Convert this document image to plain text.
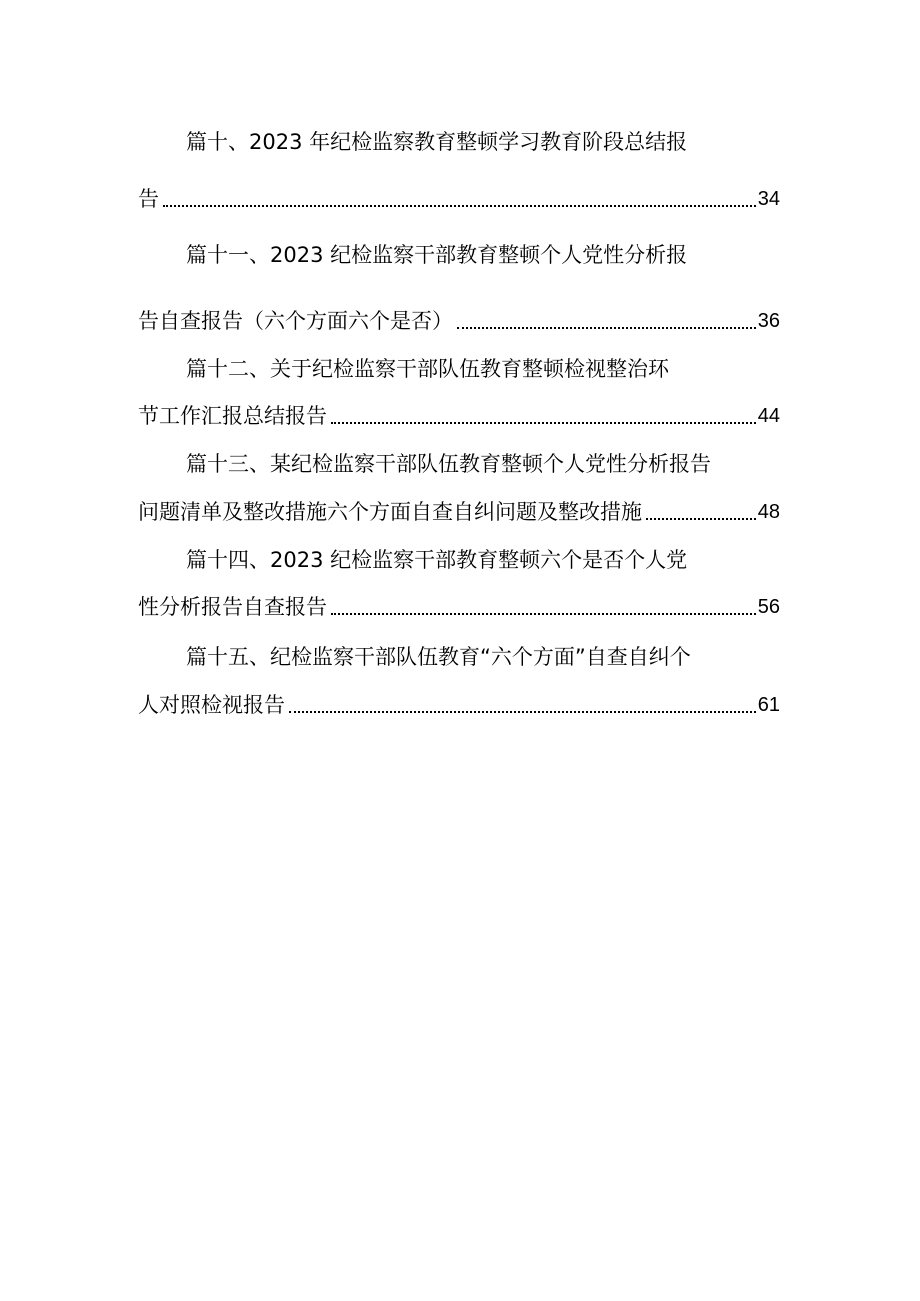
篇十、2023 年纪检监察教育整顿学习教育阶段总结报
告	34
篇十一、2023 纪检监察干部教育整顿个人党性分析报
告自查报告（六个方面六个是否）	36
篇十二、关于纪检监察干部队伍教育整顿检视整治环
节工作汇报总结报告	44
篇十三、某纪检监察干部队伍教育整顿个人党性分析报告
问题清单及整改措施六个方面自查自纠问题及整改措施	48
篇十四、2023 纪检监察干部教育整顿六个是否个人党
性分析报告自查报告	56
篇十五、纪检监察干部队伍教育“六个方面”自查自纠个
人对照检视报告	61
